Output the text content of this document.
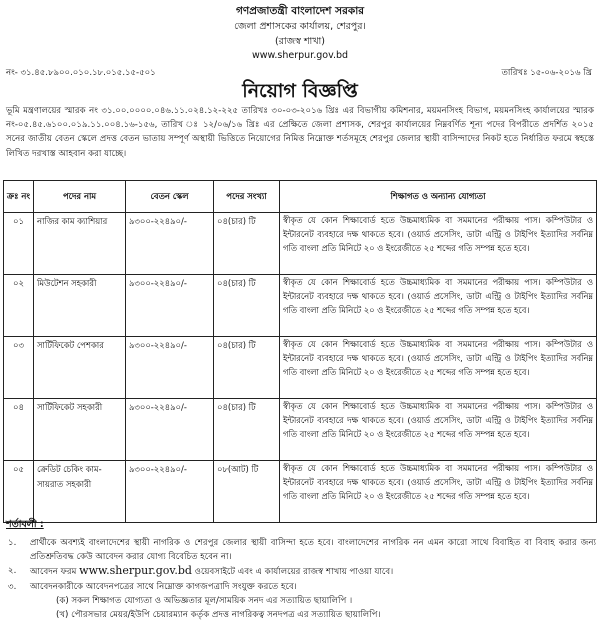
গণপ্রজাতন্ত্রী বাংলাদেশ সরকার
জেলা প্রশাসকের কার্যালয়, শেরপুর।
(রাজস্ব শাখা)
www.sherpur.gov.bd
নং- ৩১.৪৫.৮৯০০.০১০.১৮.০১৫.১৫-৫০১	তারিখঃ ১৫-০৬-২০১৬ খ্রি
নিয়োগ বিজ্ঞপ্তি
ভূমি মন্ত্রণালয়ের স্মারক নং ৩১.০০.০০০০.০৪৬.১১.০২৪.১২-২২৫ তারিখঃ ৩০-০৩-২০১৬ খ্রিঃ এর বিভাগীয় কমিশনার, ময়মনসিংহ বিভাগ, ময়মনসিংহ কার্যালয়ের স্মারক নং-০৫.৪৫.৬১০০.০১৯.১১.০০৪.১৬-১৫৬, তারিখ ঃ ১২/০৬/১৬ খ্রিঃ এর প্রেক্ষিতে জেলা প্রশাসক, শেরপুর কার্যালয়ের নিম্নবর্ণিত শূন্য পদের বিপরীতে প্রদর্শিত ২০১৫ সনের জাতীয় বেতন স্কেলে প্রদত্ত বেতন ভাতায় সম্পূর্ণ অস্থায়ী ভিত্তিতে নিয়োগের নিমিত্ত নিম্নোক্ত শর্তসমূহে শেরপুর জেলার স্থায়ী বাসিন্দাদের নিকট হতে নির্ধারিত ফরমে স্বহস্তে লিখিত দরখাস্ত আহবান করা যাচ্ছে।
ক্রঃ নং	পদের নাম	বেতন স্কেল	পদের সংখ্যা	শিক্ষাগত ও অন্যান্য যোগ্যতা
০১	নাজির কাম ক্যাশিয়ার	৯৩০০-২২৪৯০/-	০৪(চার) টি	স্বীকৃত যে কোন শিক্ষাবোর্ড হতে উচ্চমাধ্যমিক বা সমমানের পরীক্ষায় পাস। কম্পিউটার ও ইন্টারনেট ব্যবহারে দক্ষ থাকতে হবে। (ওয়ার্ড প্রসেসিং, ডাটা এন্ট্রি ও টাইপিং ইত্যাদির সর্বনিম্ন গতি বাংলা প্রতি মিনিটে ২০ ও ইংরেজীতে ২৫ শব্দের গতি সম্পন্ন হতে হবে।
০২	মিউটেশন সহকারী	৯৩০০-২২৪৯০/-	০৪(চার) টি	স্বীকৃত যে কোন শিক্ষাবোর্ড হতে উচ্চমাধ্যমিক বা সমমানের পরীক্ষায় পাস। কম্পিউটার ও ইন্টারনেট ব্যবহারে দক্ষ থাকতে হবে। (ওয়ার্ড প্রসেসিং, ডাটা এন্ট্রি ও টাইপিং ইত্যাদির সর্বনিম্ন গতি বাংলা প্রতি মিনিটে ২০ ও ইংরেজীতে ২৫ শব্দের গতি সম্পন্ন হতে হবে।
০৩	সার্টিফিকেট পেশকার	৯৩০০-২২৪৯০/-	০৪(চার) টি	স্বীকৃত যে কোন শিক্ষাবোর্ড হতে উচ্চমাধ্যমিক বা সমমানের পরীক্ষায় পাস। কম্পিউটার ও ইন্টারনেট ব্যবহারে দক্ষ থাকতে হবে। (ওয়ার্ড প্রসেসিং, ডাটা এন্ট্রি ও টাইপিং ইত্যাদির সর্বনিম্ন গতি বাংলা প্রতি মিনিটে ২০ ও ইংরেজীতে ২৫ শব্দের গতি সম্পন্ন হতে হবে।
০৪	সার্টিফিকেট সহকারী	৯৩০০-২২৪৯০/-	০৪(চার) টি	স্বীকৃত যে কোন শিক্ষাবোর্ড হতে উচ্চমাধ্যমিক বা সমমানের পরীক্ষায় পাস। কম্পিউটার ও ইন্টারনেট ব্যবহারে দক্ষ থাকতে হবে। (ওয়ার্ড প্রসেসিং, ডাটা এন্ট্রি ও টাইপিং ইত্যাদির সর্বনিম্ন গতি বাংলা প্রতি মিনিটে ২০ ও ইংরেজীতে ২৫ শব্দের গতি সম্পন্ন হতে হবে।
০৫	ক্রেডিট চেকিং কাম-সায়রাত সহকারী	৯৩০০-২২৪৯০/-	০৮(আট) টি	স্বীকৃত যে কোন শিক্ষাবোর্ড হতে উচ্চমাধ্যমিক বা সমমানের পরীক্ষায় পাস। কম্পিউটার ও ইন্টারনেট ব্যবহারে দক্ষ থাকতে হবে। (ওয়ার্ড প্রসেসিং, ডাটা এন্ট্রি ও টাইপিং ইত্যাদির সর্বনিম্ন গতি বাংলা প্রতি মিনিটে ২০ ও ইংরেজীতে ২৫ শব্দের গতি সম্পন্ন হতে হবে।
শর্তাবলী :
১. প্রার্থীকে অবশ্যই বাংলাদেশের স্থায়ী নাগরিক ও শেরপুর জেলার স্থায়ী বাসিন্দা হতে হবে। বাংলাদেশের নাগরিক নন এমন কারো সাথে বিবাহিত বা বিবাহ করার জন্য প্রতিশ্রুতিবদ্ধ কেউ আবেদন করার যোগ্য বিবেচিত হবেন না।
২. আবেদন ফরম www.sherpur.gov.bd ওয়েবসাইটে এবং এ কার্যালয়ের রাজস্ব শাখায় পাওয়া যাবে।
৩. আবেদনকারীকে আবেদনপত্রের সাথে নিম্নোক্ত কাগজপত্রাদি সংযুক্ত করতে হবে।
(ক) সকল শিক্ষাগত যোগ্যতা ও অভিজ্ঞতার মূল/সাময়িক সনদ এর সত্যায়িত ছায়ালিপি ।
(খ) পৌরসভার মেয়র/ইউপি চেয়ারম্যান কর্তৃক প্রদত্ত নাগরিকত্ব সনদপত্র এর সত্যায়িত ছায়ালিপি।
